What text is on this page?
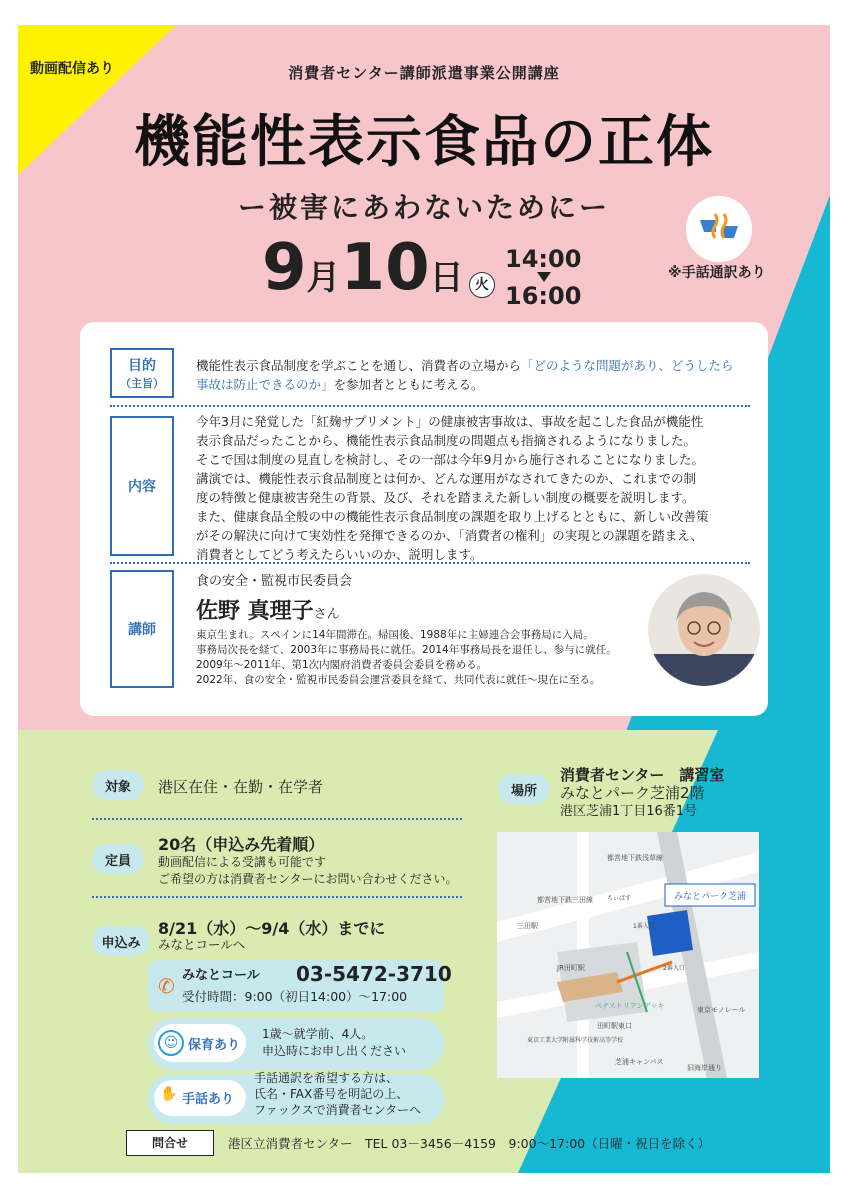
動画配信あり	消費者センター講師派遣事業公開講座
機能性表示食品の正体
ー被害にあわないためにー
9月10日 火
14:00
16:00
※手話通訳あり
目的
（主旨）
機能性表示食品制度を学ぶことを通し、消費者の立場から「どのような問題があり、どうしたら事故は防止できるのか」を参加者とともに考える。
内容
今年3月に発覚した「紅麹サプリメント」の健康被害事故は、事故を起こした食品が機能性
表示食品だったことから、機能性表示食品制度の問題点も指摘されるようになりました。
そこで国は制度の見直しを検討し、その一部は今年9月から施行されることになりました。
講演では、機能性表示食品制度とは何か、どんな運用がなされてきたのか、これまでの制
度の特徴と健康被害発生の背景、及び、それを踏まえた新しい制度の概要を説明します。
また、健康食品全般の中の機能性表示食品制度の課題を取り上げるとともに、新しい改善策
がその解決に向けて実効性を発揮できるのか、「消費者の権利」の実現との課題を踏まえ、
消費者としてどう考えたらいいのか、説明します。
講師
食の安全・監視市民委員会
佐野 真理子さん
東京生まれ。スペインに14年間滞在。帰国後、1988年に主婦連合会事務局に入局。
事務局次長を経て、2003年に事務局長に就任。2014年事務局長を退任し、参与に就任。
2009年～2011年、第1次内閣府消費者委員会委員を務める。
2022年、食の安全・監視市民委員会運営委員を経て、共同代表に就任～現在に至る。
対象	港区在住・在勤・在学者
定員
20名（申込み先着順）
動画配信による受講も可能です
ご希望の方は消費者センターにお問い合わせください。
申込み
8/21（水）～9/4（水）までに
みなとコールへ
✆ みなとコール 03-5472-3710
受付時間：9:00（初日14:00）～17:00
☺ 保育あり
1歳～就学前、4人。
申込時にお申し出ください
✋ 手話あり
手話通訳を希望する方は、
氏名・FAX番号を明記の上、
ファックスで消費者センターへ
場所
消費者センター　講習室
みなとパーク芝浦2階
港区芝浦1丁目16番1号
みなとパーク芝浦
都営地下鉄三田線
都営地下鉄浅草線
三田駅
JR田町駅
田町駅東口
ペデストリアンデッキ
芝浦キャンパス
旧海岸通り
東京工業大学附属科学技術高等学校
1番入口
2番入口
東京モノレール
ちぃばす
問合せ	港区立消費者センター　TEL 03－3456－4159　9:00～17:00（日曜・祝日を除く）
